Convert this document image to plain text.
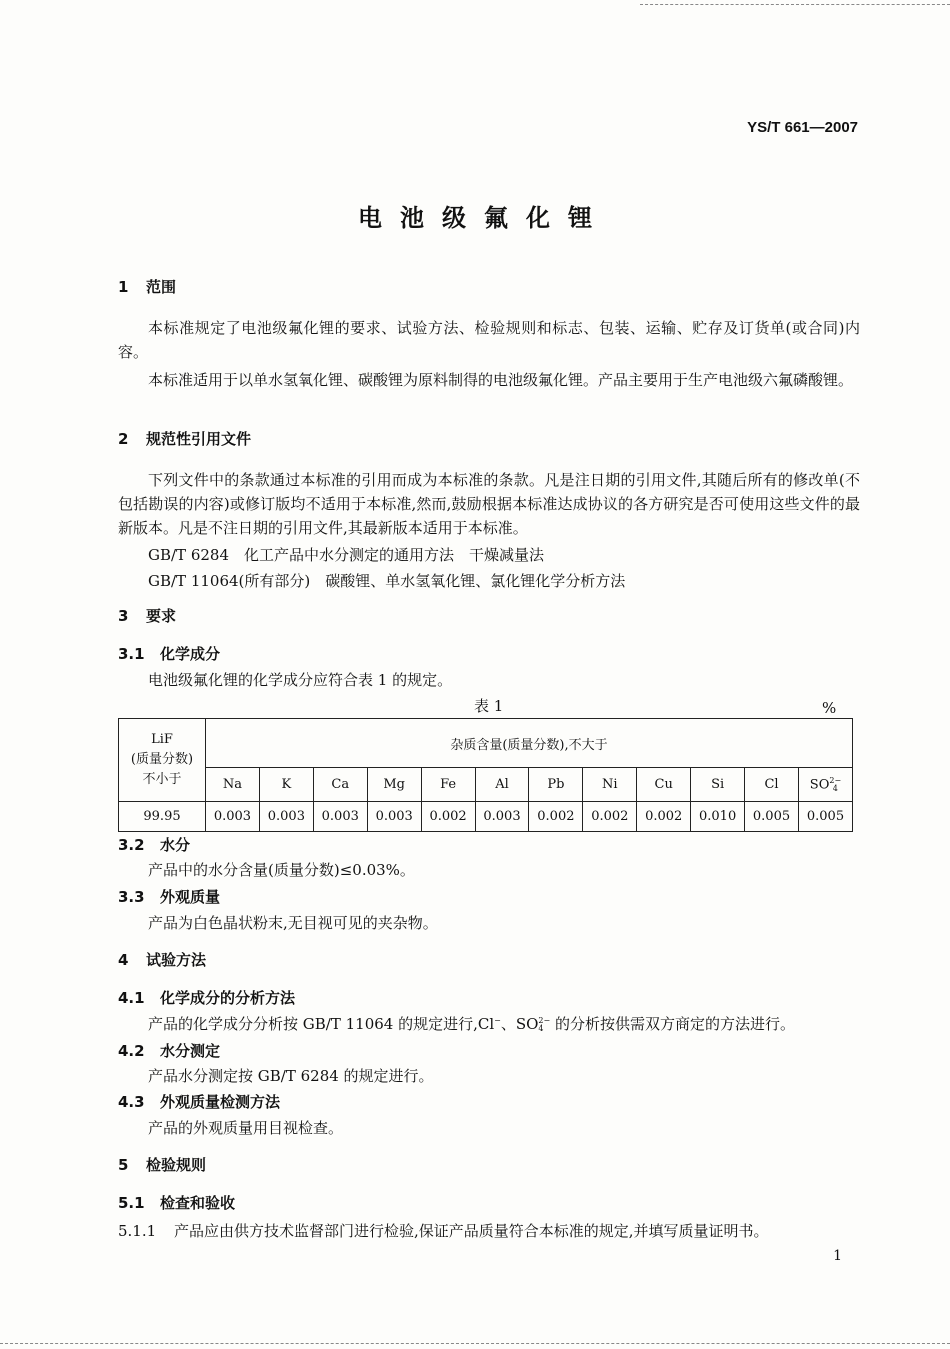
YS/T 661—2007

电池级氟化锂

1 范围

本标准规定了电池级氟化锂的要求、试验方法、检验规则和标志、包装、运输、贮存及订货单(或合同)内容。

本标准适用于以单水氢氧化锂、碳酸锂为原料制得的电池级氟化锂。产品主要用于生产电池级六氟磷酸锂。

2 规范性引用文件

下列文件中的条款通过本标准的引用而成为本标准的条款。凡是注日期的引用文件,其随后所有的修改单(不包括勘误的内容)或修订版均不适用于本标准,然而,鼓励根据本标准达成协议的各方研究是否可使用这些文件的最新版本。凡是不注日期的引用文件,其最新版本适用于本标准。

GB/T 6284　化工产品中水分测定的通用方法　干燥减量法

GB/T 11064(所有部分)　碳酸锂、单水氢氧化锂、氯化锂化学分析方法

3 要求

3.1 化学成分

电池级氟化锂的化学成分应符合表 1 的规定。

表 1	%

LiF
(质量分数)
不小于	杂质含量(质量分数),不大于											
	Na	K	Ca	Mg	Fe	Al	Pb	Ni	Cu	Si	Cl	SO 2−
4

99.95	0.003	0.003	0.003	0.003	0.002	0.003	0.002	0.002	0.002	0.010	0.005	0.005

3.2 水分

产品中的水分含量(质量分数)≤0.03%。

3.3 外观质量

产品为白色晶状粉末,无目视可见的夹杂物。

4 试验方法

4.1 化学成分的分析方法

产品的化学成分分析按 GB/T 11064 的规定进行,Cl−、SO 2−
4 的分析按供需双方商定的方法进行。

4.2 水分测定

产品水分测定按 GB/T 6284 的规定进行。

4.3 外观质量检测方法

产品的外观质量用目视检查。

5 检验规则

5.1 检查和验收

5.1.1 产品应由供方技术监督部门进行检验,保证产品质量符合本标准的规定,并填写质量证明书。

1
